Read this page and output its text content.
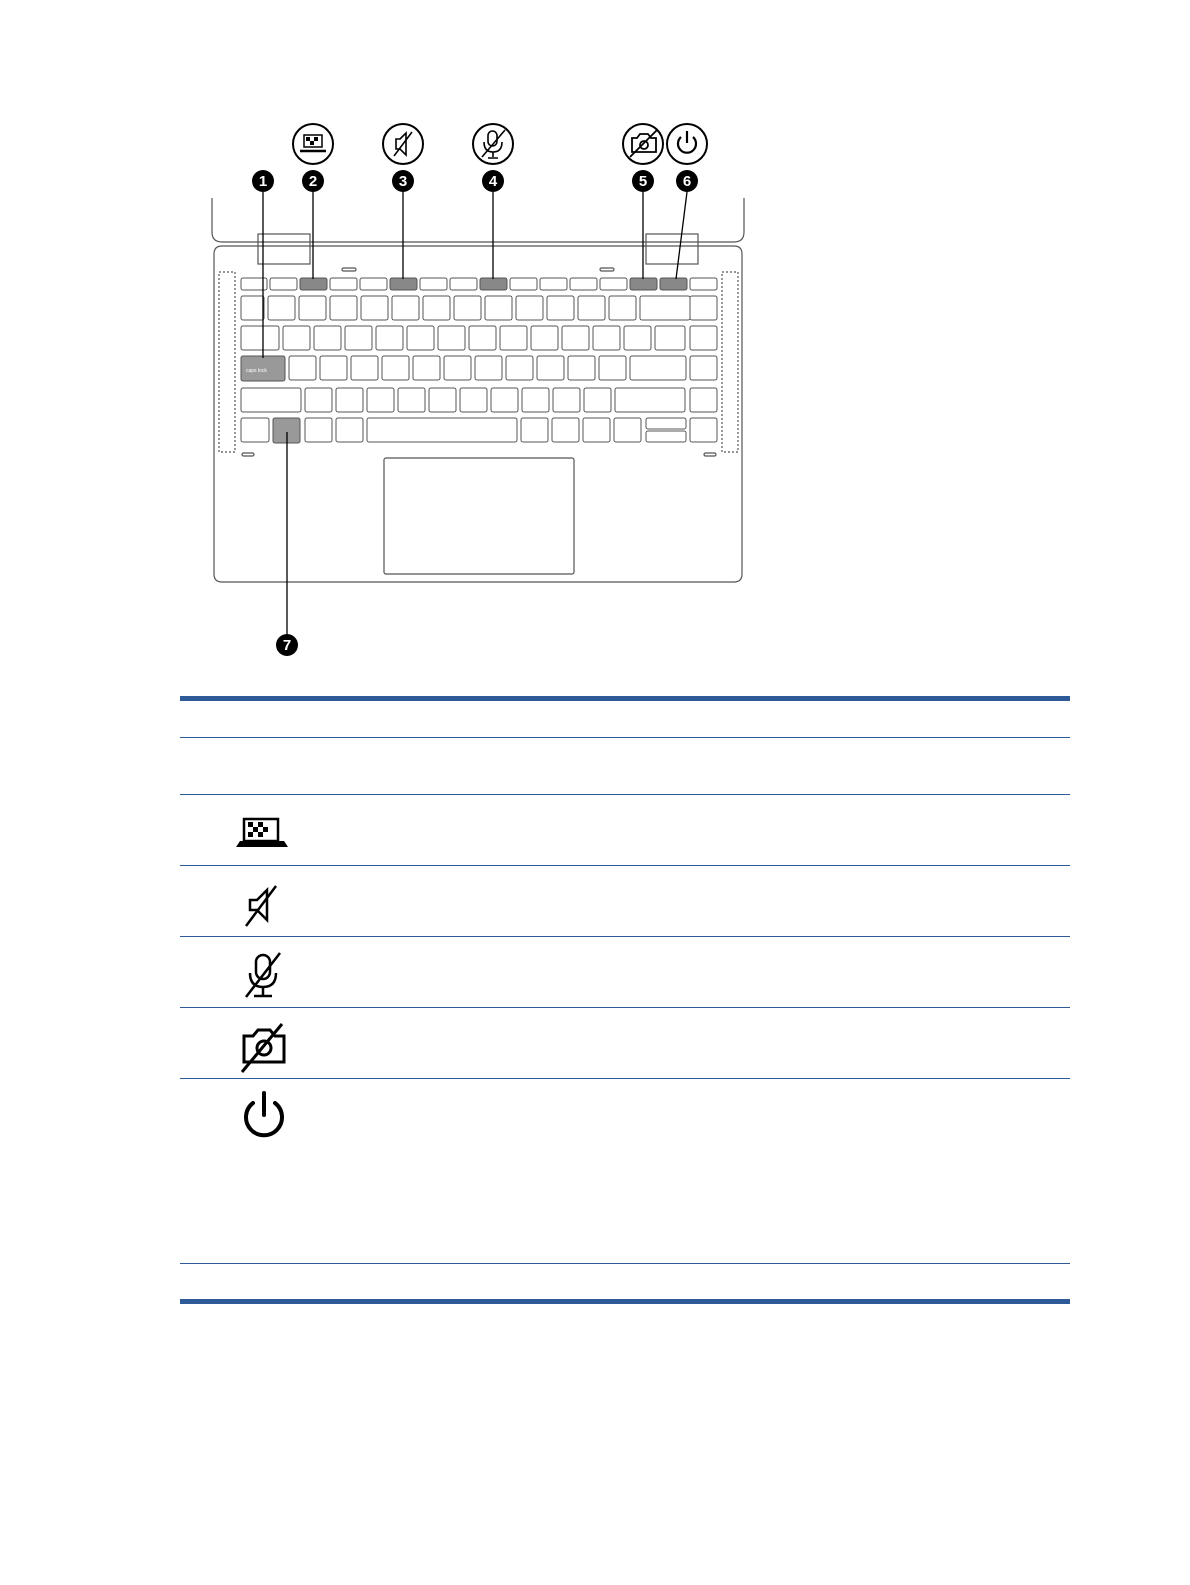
caps lock
1	2	3	4	5 6
7
